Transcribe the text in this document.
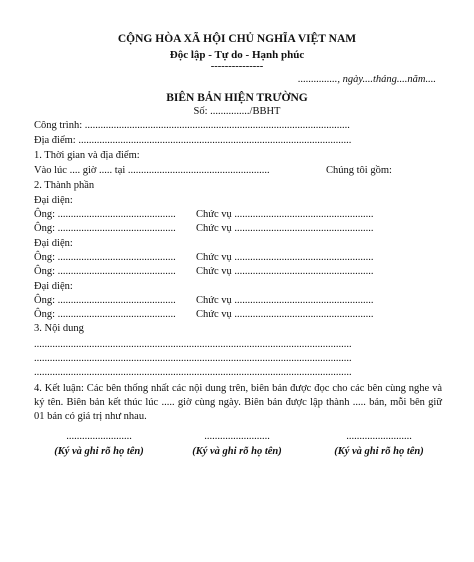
CỘNG HÒA XÃ HỘI CHỦ NGHĨA VIỆT NAM
Độc lập - Tự do - Hạnh phúc
---------------
..............., ngày....tháng....năm....
BIÊN BẢN HIỆN TRƯỜNG
Số: .............../BBHT
Công trình: .....................................................................................................
Địa điểm: ........................................................................................................
1. Thời gian và địa điểm:
Vào lúc .... giờ ..... tại ......................................................	Chúng tôi gồm:
2. Thành phần
Đại diện:
Ông: ............................................. Chức vụ .....................................................
Ông: ............................................. Chức vụ .....................................................
Đại diện:
Ông: ............................................. Chức vụ .....................................................
Ông: ............................................. Chức vụ .....................................................
Đại diện:
Ông: ............................................. Chức vụ .....................................................
Ông: ............................................. Chức vụ .....................................................
3. Nội dung
.........................................................................................................................
.........................................................................................................................
.........................................................................................................................
4. Kết luận: Các bên thống nhất các nội dung trên, biên bản được đọc cho các bên cùng nghe và ký tên. Biên bản kết thúc lúc ..... giờ cùng ngày. Biên bản được lập thành ..... bản, mỗi bên giữ 01 bản có giá trị như nhau.
.........................
(Ký và ghi rõ họ tên)
.........................
(Ký và ghi rõ họ tên)
.........................
(Ký và ghi rõ họ tên)
